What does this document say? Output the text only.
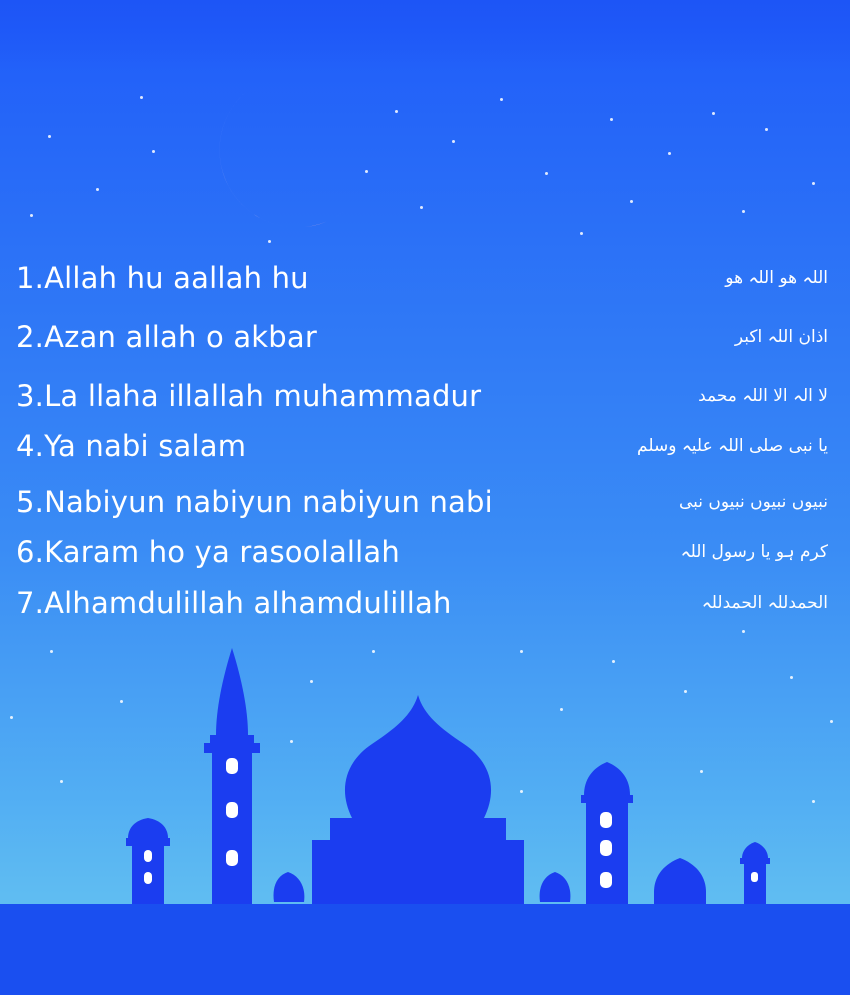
1.Allah hu aallah hu	اللہ ھو اللہ ھو
2.Azan allah o akbar	اذان اللہ اکبر
3.La llaha illallah muhammadur	لا الہ الا اللہ محمد
4.Ya nabi salam	یا نبی صلی اللہ علیہ وسلم
5.Nabiyun nabiyun nabiyun nabi	نبیوں نبیوں نبیوں نبی
6.Karam ho ya rasoolallah	کرم ہو یا رسول اللہ
7.Alhamdulillah alhamdulillah	الحمدللہ الحمدللہ
